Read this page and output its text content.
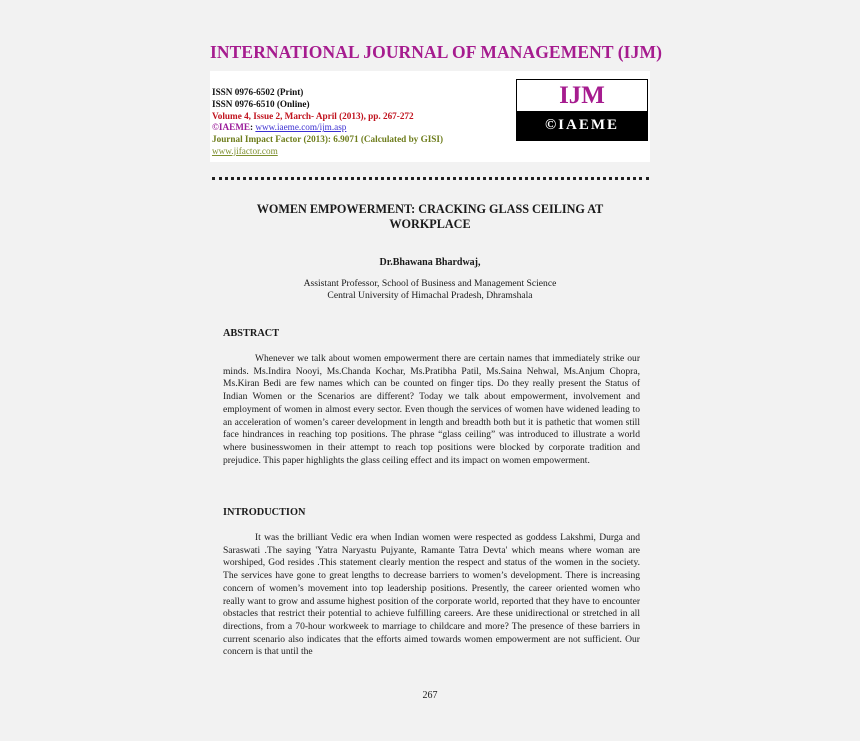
INTERNATIONAL JOURNAL OF MANAGEMENT (IJM)
ISSN 0976-6502 (Print)
ISSN 0976-6510 (Online)
Volume 4, Issue 2, March- April (2013), pp. 267-272
©IAEME: www.iaeme.com/ijm.asp
Journal Impact Factor (2013): 6.9071 (Calculated by GISI)
www.jifactor.com
IJM
©IAEME
WOMEN EMPOWERMENT: CRACKING GLASS CEILING AT
WORKPLACE
Dr.Bhawana Bhardwaj,
Assistant Professor, School of Business and Management Science
Central University of Himachal Pradesh, Dhramshala
ABSTRACT

Whenever we talk about women empowerment there are certain names that immediately strike our minds. Ms.Indira Nooyi, Ms.Chanda Kochar, Ms.Pratibha Patil, Ms.Saina Nehwal, Ms.Anjum Chopra, Ms.Kiran Bedi are few names which can be counted on finger tips. Do they really present the Status of Indian Women or the Scenarios are different? Today we talk about empowerment, involvement and employment of women in almost every sector. Even though the services of women have widened leading to an acceleration of women’s career development in length and breadth both but it is pathetic that women still face hindrances in reaching top positions. The phrase “glass ceiling” was introduced to illustrate a world where businesswomen in their attempt to reach top positions were blocked by corporate tradition and prejudice. This paper highlights the glass ceiling effect and its impact on women empowerment.

INTRODUCTION

It was the brilliant Vedic era when Indian women were respected as goddess Lakshmi, Durga and Saraswati .The saying 'Yatra Naryastu Pujyante, Ramante Tatra Devta' which means where woman are worshiped, God resides .This statement clearly mention the respect and status of the women in the society. The services have gone to great lengths to decrease barriers to women’s development. There is increasing concern of women’s movement into top leadership positions. Presently, the career oriented women who really want to grow and assume highest position of the corporate world, reported that they have to encounter obstacles that restrict their potential to achieve fulfilling careers. Are these unidirectional or stretched in all directions, from a 70-hour workweek to marriage to childcare and more? The presence of these barriers in current scenario also indicates that the efforts aimed towards women empowerment are not sufficient. Our concern is that until the

267
